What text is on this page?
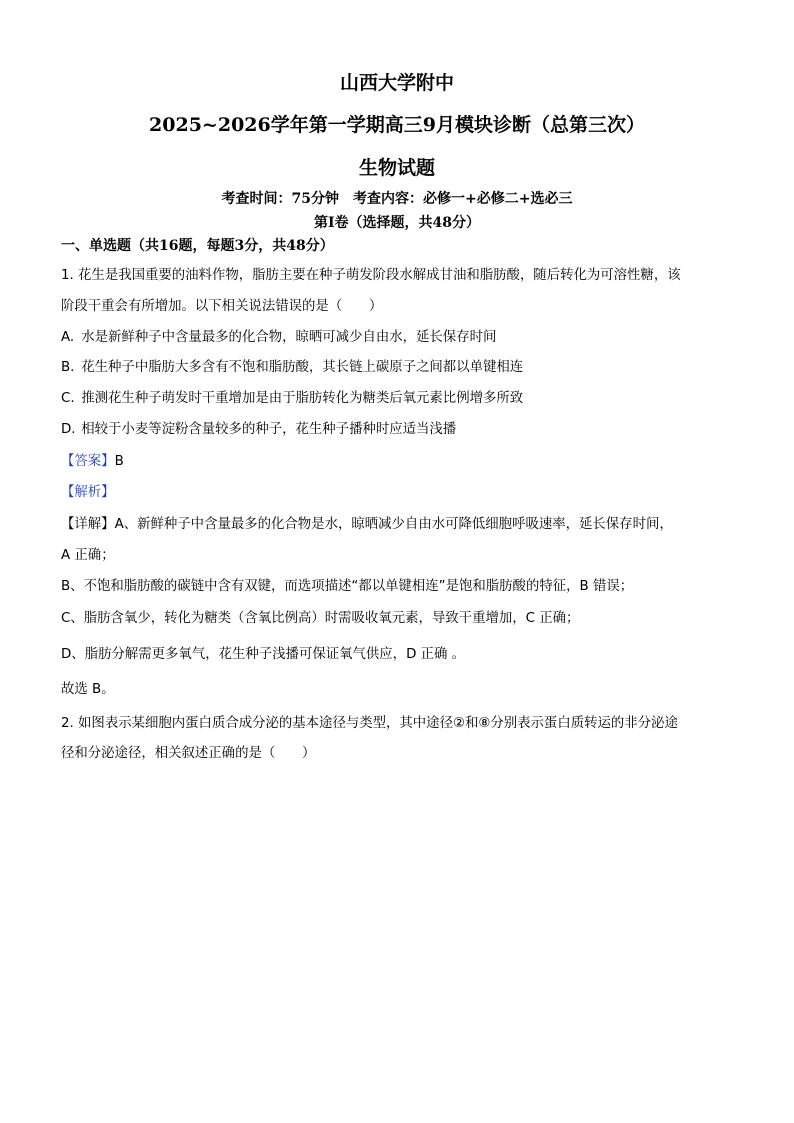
山西大学附中
2025~2026学年第一学期高三9月模块诊断（总第三次）
生物试题
考查时间：75分钟　考查内容：必修一+必修二+选必三
第Ⅰ卷（选择题，共48分）
一、单选题（共16题，每题3分，共48分）
1. 花生是我国重要的油料作物，脂肪主要在种子萌发阶段水解成甘油和脂肪酸，随后转化为可溶性糖，该
阶段干重会有所增加。以下相关说法错误的是（　　）
A. 水是新鲜种子中含量最多的化合物，晾晒可减少自由水，延长保存时间
B. 花生种子中脂肪大多含有不饱和脂肪酸，其长链上碳原子之间都以单键相连
C. 推测花生种子萌发时干重增加是由于脂肪转化为糖类后氧元素比例增多所致
D. 相较于小麦等淀粉含量较多的种子，花生种子播种时应适当浅播
【答案】B
【解析】
【详解】A、新鲜种子中含量最多的化合物是水，晾晒减少自由水可降低细胞呼吸速率，延长保存时间，
A 正确；
B、不饱和脂肪酸的碳链中含有双键，而选项描述“都以单键相连”是饱和脂肪酸的特征，B 错误；
C、脂肪含氧少，转化为糖类（含氧比例高）时需吸收氧元素，导致干重增加，C 正确；
D、脂肪分解需更多氧气，花生种子浅播可保证氧气供应，D 正确 。
故选 B。
2. 如图表示某细胞内蛋白质合成分泌的基本途径与类型，其中途径②和⑧分别表示蛋白质转运的非分泌途
径和分泌途径，相关叙述正确的是（　　）
